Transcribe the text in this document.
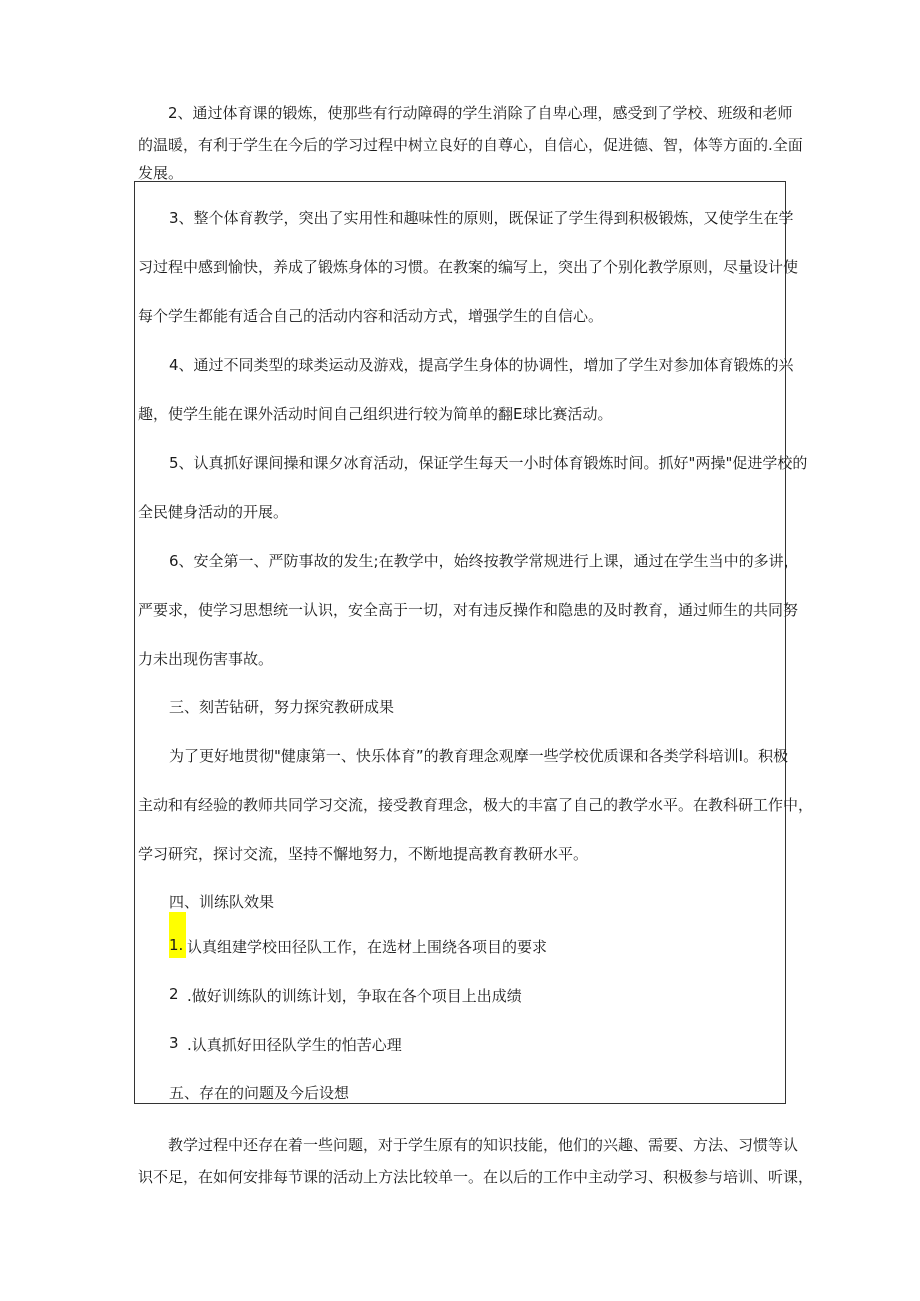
2、通过体育课的锻炼，使那些有行动障碍的学生消除了自卑心理，感受到了学校、班级和老师
的温暖，有利于学生在今后的学习过程中树立良好的自尊心，自信心，促进德、智，体等方面的.全面
发展。
3、整个体育教学，突出了实用性和趣味性的原则，既保证了学生得到积极锻炼，又使学生在学
习过程中感到愉快，养成了锻炼身体的习惯。在教案的编写上，突出了个别化教学原则，尽量设计使
每个学生都能有适合自己的活动内容和活动方式，增强学生的自信心。
4、通过不同类型的球类运动及游戏，提高学生身体的协调性，增加了学生对参加体育锻炼的兴
趣，使学生能在课外活动时间自己组织进行较为简单的翻E球比赛活动。
5、认真抓好课间操和课夕冰育活动，保证学生每天一小时体育锻炼时间。抓好"两操"促进学校的
全民健身活动的开展。
6、安全第一、严防事故的发生;在教学中，始终按教学常规进行上课，通过在学生当中的多讲，
严要求，使学习思想统一认识，安全高于一切，对有违反操作和隐患的及时教育，通过师生的共同努
力未出现伤害事故。
三、刻苦钻研，努力探究教研成果
为了更好地贯彻"健康第一、快乐体育”的教育理念观摩一些学校优质课和各类学科培训I。积极
主动和有经验的教师共同学习交流，接受教育理念，极大的丰富了自己的教学水平。在教科研工作中，
学习研究，探讨交流，坚持不懈地努力，不断地提高教育教研水平。
四、训练队效果
1. 认真组建学校田径队工作，在选材上围绕各项目的要求
2 .做好训练队的训练计划，争取在各个项目上出成绩
3 .认真抓好田径队学生的怕苦心理
五、存在的问题及今后设想
教学过程中还存在着一些问题，对于学生原有的知识技能，他们的兴趣、需要、方法、习惯等认
识不足，在如何安排每节课的活动上方法比较单一。在以后的工作中主动学习、积极参与培训、听课，
